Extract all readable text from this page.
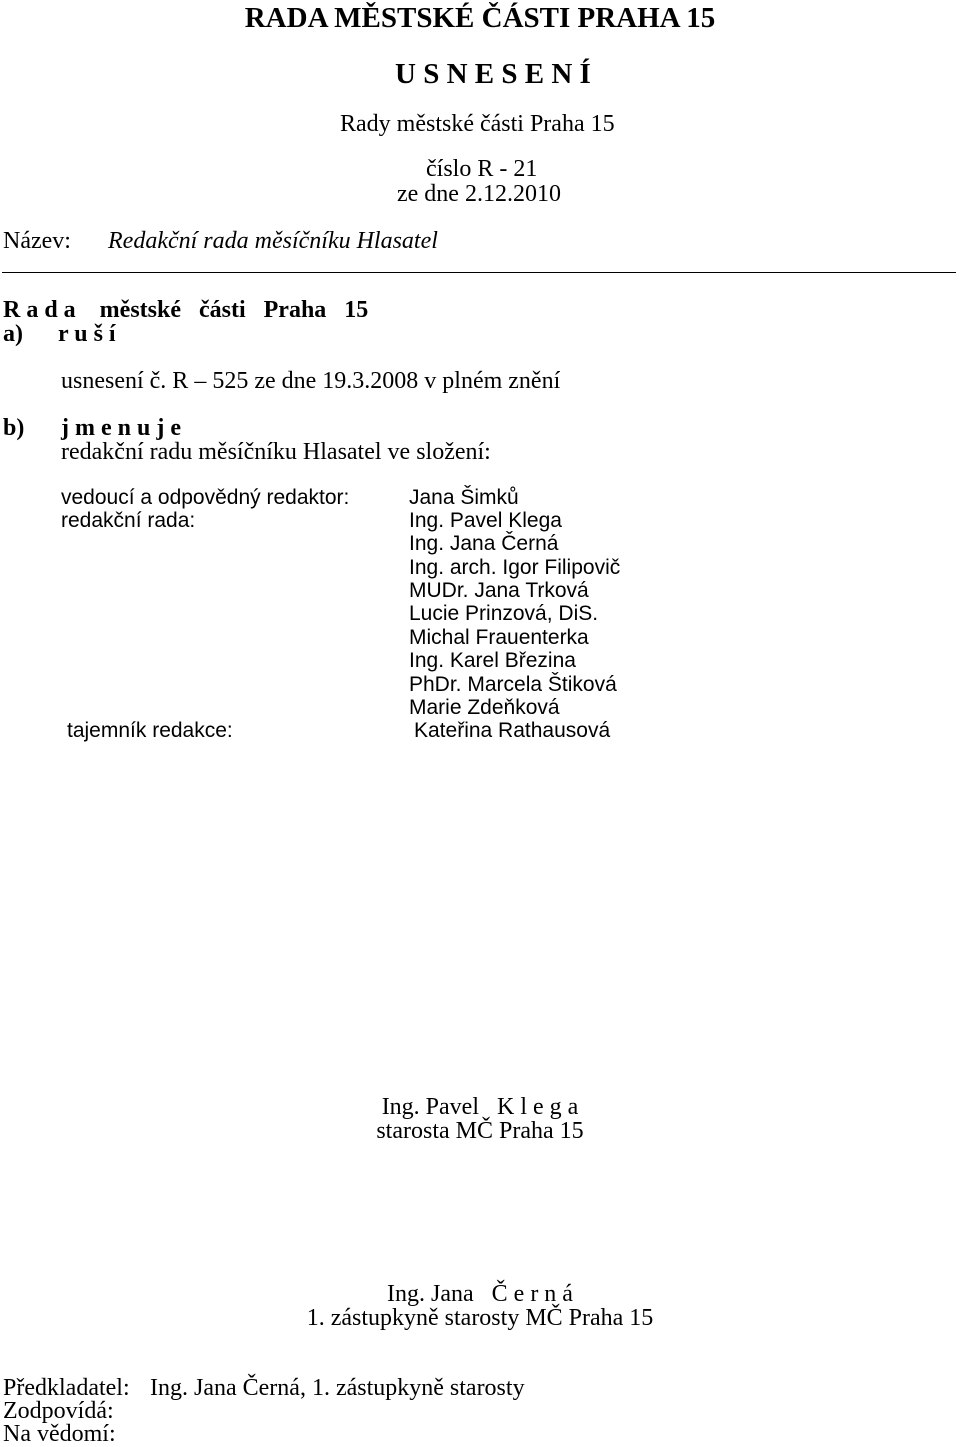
RADA MĚSTSKÉ ČÁSTI PRAHA 15
U S N E S E N Í
Rady městské části Praha 15
číslo R - 21
ze dne 2.12.2010
Název: Redakční rada měsíčníku Hlasatel
R a d a    městské   části   Praha   15
a) r u š í
usnesení č. R – 525 ze dne 19.3.2008 v plném znění
b) j m e n u j e
redakční radu měsíčníku Hlasatel ve složení:
vedoucí a odpovědný redaktor:
redakční rada:
tajemník redakce:
Jana Šimků
Ing. Pavel Klega
Ing. Jana Černá
Ing. arch. Igor Filipovič
MUDr. Jana Trková
Lucie Prinzová, DiS.
Michal Frauenterka
Ing. Karel Březina
PhDr. Marcela Štiková
Marie Zdeňková
Kateřina Rathausová
Ing. Pavel   K l e g a
starosta MČ Praha 15
Ing. Jana   Č e r n á
1. zástupkyně starosty MČ Praha 15
Předkladatel: Ing. Jana Černá, 1. zástupkyně starosty
Zodpovídá:
Na vědomí:
